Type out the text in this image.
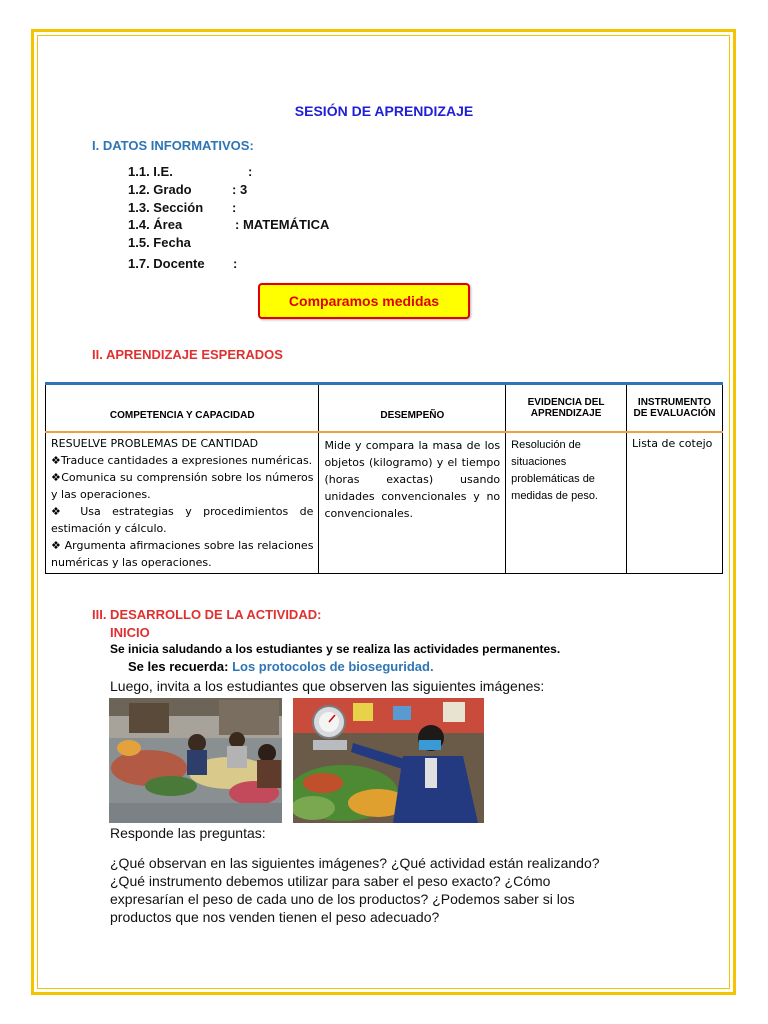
SESIÓN DE APRENDIZAJE
I. DATOS INFORMATIVOS:
1.1. I.E.	:
1.2. Grado	: 3
1.3. Sección :
1.4. Área	: MATEMÁTICA
1.5. Fecha
1.7. Docente :
Comparamos medidas
II. APRENDIZAJE ESPERADOS
COMPETENCIA Y CAPACIDAD	DESEMPEÑO	EVIDENCIA DEL APRENDIZAJE	INSTRUMENTO DE EVALUACIÓN

RESUELVE PROBLEMAS DE CANTIDAD

❖Traduce cantidades a expresiones numéricas.

❖Comunica su comprensión sobre los números y las operaciones.

❖ Usa estrategias y procedimientos de estimación y cálculo.

❖ Argumenta afirmaciones sobre las relaciones numéricas y las operaciones.	Mide y compara la masa de los objetos (kilogramo) y el tiempo (horas exactas) usando unidades convencionales y no convencionales.	Resolución de situaciones problemáticas de medidas de peso.	Lista de cotejo
III. DESARROLLO DE LA ACTIVIDAD:
INICIO
Se inicia saludando a los estudiantes y se realiza las actividades permanentes.
Se les recuerda: Los protocolos de bioseguridad.
Luego, invita a los estudiantes que observen las siguientes imágenes:
Responde las preguntas:
¿Qué observan en las siguientes imágenes? ¿Qué actividad están realizando?
¿Qué instrumento debemos utilizar para saber el peso exacto? ¿Cómo
expresarían el peso de cada uno de los productos? ¿Podemos saber si los
productos que nos venden tienen el peso adecuado?
